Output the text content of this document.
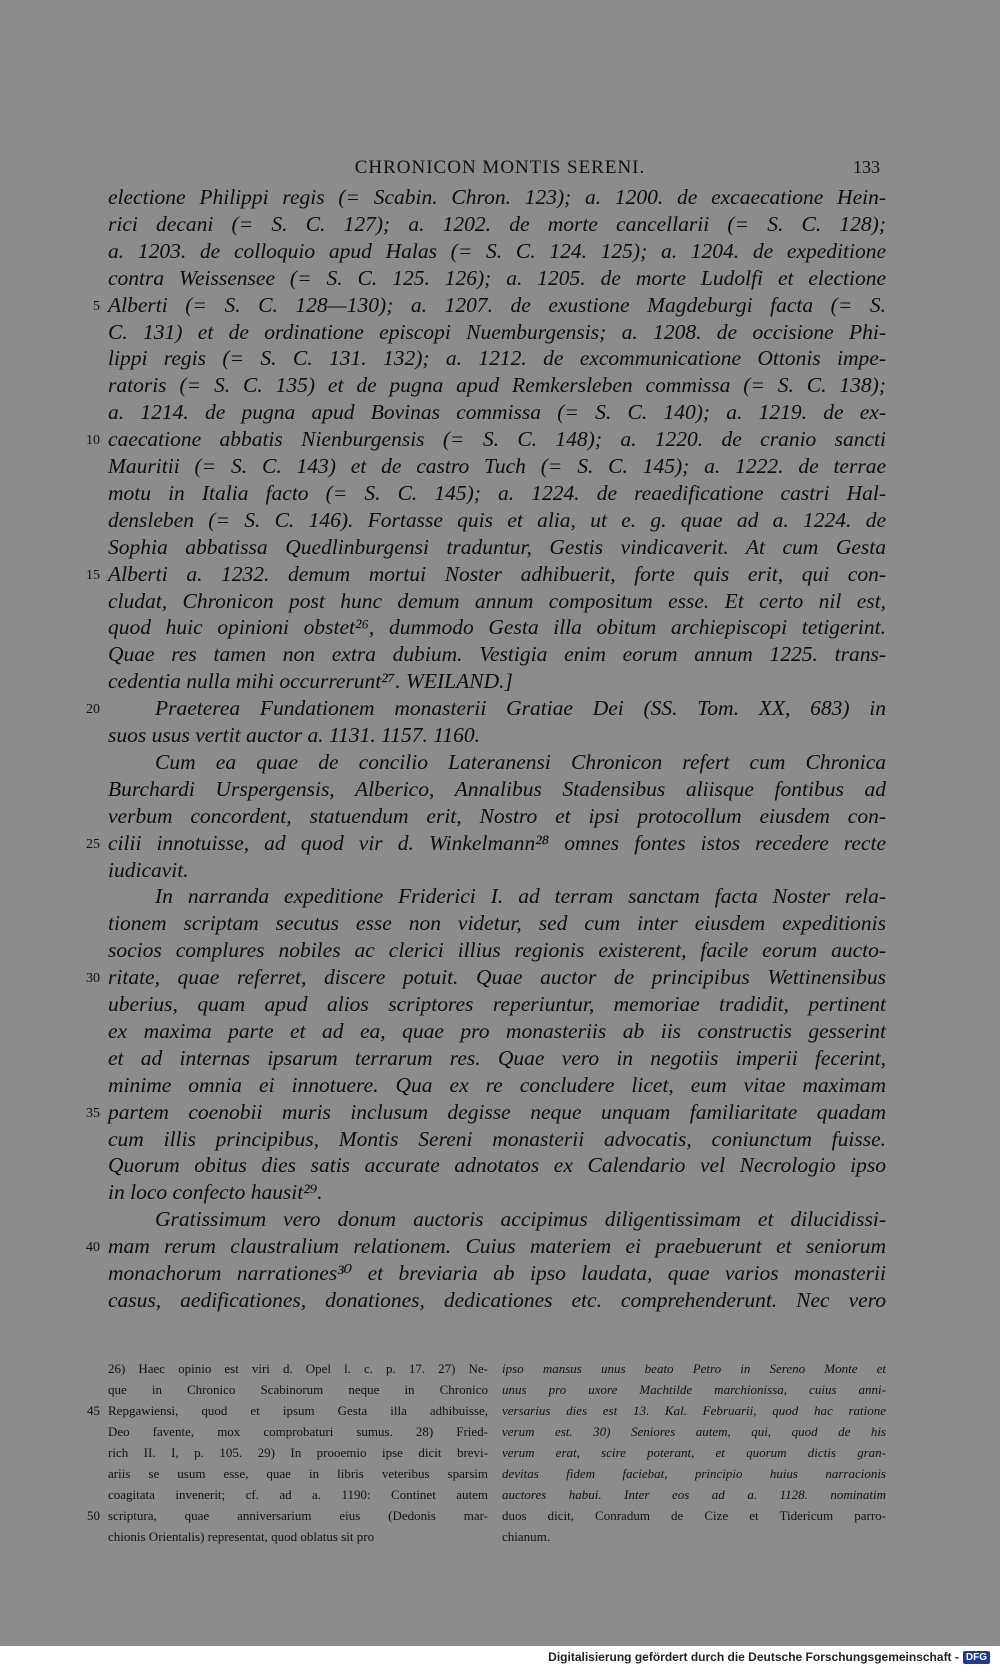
CHRONICON MONTIS SERENI.	133
electione Philippi regis (= Scabin. Chron. 123); a. 1200. de excaecatione Hein-
rici decani (= S. C. 127); a. 1202. de morte cancellarii (= S. C. 128);
a. 1203. de colloquio apud Halas (= S. C. 124. 125); a. 1204. de expeditione
contra Weissensee (= S. C. 125. 126); a. 1205. de morte Ludolfi et electione
Alberti (= S. C. 128—130); a. 1207. de exustione Magdeburgi facta (= S.
C. 131) et de ordinatione episcopi Nuemburgensis; a. 1208. de occisione Phi-
lippi regis (= S. C. 131. 132); a. 1212. de excommunicatione Ottonis impe-
ratoris (= S. C. 135) et de pugna apud Remkersleben commissa (= S. C. 138);
a. 1214. de pugna apud Bovinas commissa (= S. C. 140); a. 1219. de ex-
caecatione abbatis Nienburgensis (= S. C. 148); a. 1220. de cranio sancti
Mauritii (= S. C. 143) et de castro Tuch (= S. C. 145); a. 1222. de terrae
motu in Italia facto (= S. C. 145); a. 1224. de reaedificatione castri Hal-
densleben (= S. C. 146). Fortasse quis et alia, ut e. g. quae ad a. 1224. de
Sophia abbatissa Quedlinburgensi traduntur, Gestis vindicaverit. At cum Gesta
Alberti a. 1232. demum mortui Noster adhibuerit, forte quis erit, qui con-
cludat, Chronicon post hunc demum annum compositum esse. Et certo nil est,
quod huic opinioni obstet²⁶, dummodo Gesta illa obitum archiepiscopi tetigerint.
Quae res tamen non extra dubium. Vestigia enim eorum annum 1225. trans-
cedentia nulla mihi occurrerunt²⁷. WEILAND.]
Praeterea Fundationem monasterii Gratiae Dei (SS. Tom. XX, 683) in
suos usus vertit auctor a. 1131. 1157. 1160.
Cum ea quae de concilio Lateranensi Chronicon refert cum Chronica
Burchardi Urspergensis, Alberico, Annalibus Stadensibus aliisque fontibus ad
verbum concordent, statuendum erit, Nostro et ipsi protocollum eiusdem con-
cilii innotuisse, ad quod vir d. Winkelmann²⁸ omnes fontes istos recedere recte
iudicavit.
In narranda expeditione Friderici I. ad terram sanctam facta Noster rela-
tionem scriptam secutus esse non videtur, sed cum inter eiusdem expeditionis
socios complures nobiles ac clerici illius regionis existerent, facile eorum aucto-
ritate, quae referret, discere potuit. Quae auctor de principibus Wettinensibus
uberius, quam apud alios scriptores reperiuntur, memoriae tradidit, pertinent
ex maxima parte et ad ea, quae pro monasteriis ab iis constructis gesserint
et ad internas ipsarum terrarum res. Quae vero in negotiis imperii fecerint,
minime omnia ei innotuere. Qua ex re concludere licet, eum vitae maximam
partem coenobii muris inclusum degisse neque unquam familiaritate quadam
cum illis principibus, Montis Sereni monasterii advocatis, coniunctum fuisse.
Quorum obitus dies satis accurate adnotatos ex Calendario vel Necrologio ipso
in loco confecto hausit²⁹.
Gratissimum vero donum auctoris accipimus diligentissimam et dilucidissi-
mam rerum claustralium relationem. Cuius materiem ei praebuerunt et seniorum
monachorum narrationes³⁰ et breviaria ab ipso laudata, quae varios monasterii
casus, aedificationes, donationes, dedicationes etc. comprehenderunt. Nec vero
5
10
15
20
25
30
35
40
26) Haec opinio est viri d. Opel l. c. p. 17. 27) Ne-
que in Chronico Scabinorum neque in Chronico
Repgawiensi, quod et ipsum Gesta illa adhibuisse,
Deo favente, mox comprobaturi sumus. 28) Fried-
rich II. I, p. 105. 29) In prooemio ipse dicit brevi-
ariis se usum esse, quae in libris veteribus sparsim
coagitata invenerit; cf. ad a. 1190: Continet autem
scriptura, quae anniversarium eius (Dedonis mar-
chionis Orientalis) representat, quod oblatus sit pro
ipso mansus unus beato Petro in Sereno Monte et
unus pro uxore Machtilde marchionissa, cuius anni-
versarius dies est 13. Kal. Februarii, quod hac ratione
verum est. 30) Seniores autem, qui, quod de his
verum erat, scire poterant, et quorum dictis gran-
devitas fidem faciebat, principio huius narracionis
auctores habui. Inter eos ad a. 1128. nominatim
duos dicit, Conradum de Cize et Tidericum parro-
chianum.
45
50
Digitalisierung gefördert durch die Deutsche Forschungsgemeinschaft - DFG
